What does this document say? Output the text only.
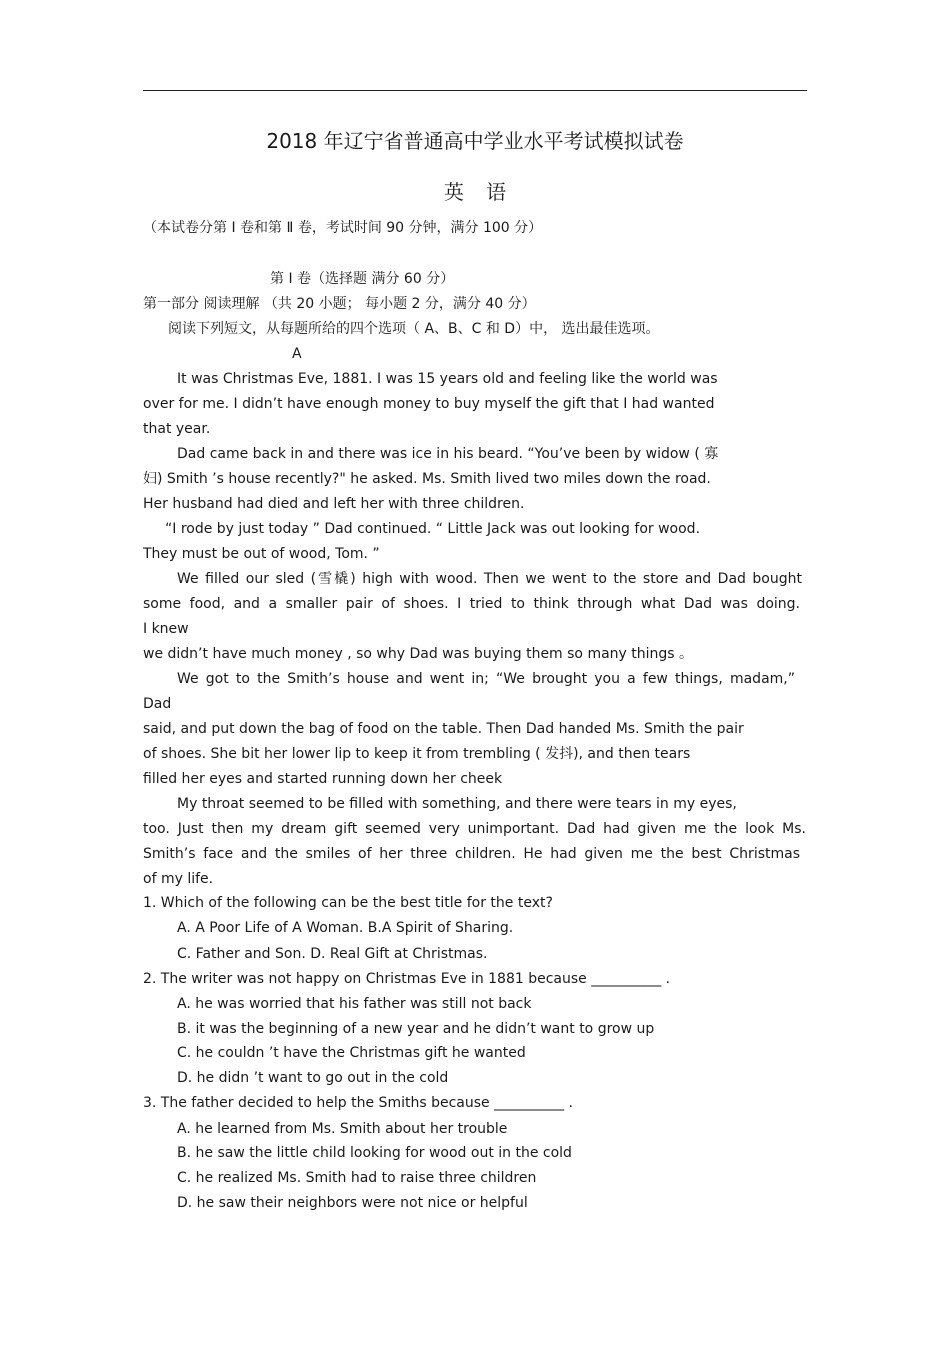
2018 年辽宁省普通高中学业水平考试模拟试卷
英 语
（本试卷分第 Ⅰ 卷和第 Ⅱ 卷，考试时间 90 分钟，满分 100 分）
第 Ⅰ 卷（选择题 满分 60 分）
第一部分 阅读理解 （共 20 小题； 每小题 2 分，满分 40 分）
阅读下列短文，从每题所给的四个选项（ A、B、C 和 D）中， 选出最佳选项。
A
It was Christmas Eve, 1881. I was 15 years old and feeling like the world was
over for me. I didn’t have enough money to buy myself the gift that I had wanted
that year.
Dad came back in and there was ice in his beard. “You’ve been by widow ( 寡
妇) Smith ’s house recently?" he asked. Ms. Smith lived two miles down the road.
Her husband had died and left her with three children.
“I rode by just today ” Dad continued. “ Little Jack was out looking for wood.
They must be out of wood, Tom. ”
We filled our sled (雪橇) high with wood. Then we went to the store and Dad bought
some food, and a smaller pair of shoes. I tried to think through what Dad was doing.
I knew
we didn’t have much money , so why Dad was buying them so many things 。
We got to the Smith’s house and went in; “We brought you a few things, madam,”
Dad
said, and put down the bag of food on the table. Then Dad handed Ms. Smith the pair
of shoes. She bit her lower lip to keep it from trembling ( 发抖), and then tears
filled her eyes and started running down her cheek
My throat seemed to be filled with something, and there were tears in my eyes,
too. Just then my dream gift seemed very unimportant. Dad had given me the look Ms.
Smith’s face and the smiles of her three children. He had given me the best Christmas
of my life.
1. Which of the following can be the best title for the text?
A. A Poor Life of A Woman. B.A Spirit of Sharing.
C. Father and Son. D. Real Gift at Christmas.
2. The writer was not happy on Christmas Eve in 1881 because __________ .
A. he was worried that his father was still not back
B. it was the beginning of a new year and he didn’t want to grow up
C. he couldn ’t have the Christmas gift he wanted
D. he didn ’t want to go out in the cold
3. The father decided to help the Smiths because __________ .
A. he learned from Ms. Smith about her trouble
B. he saw the little child looking for wood out in the cold
C. he realized Ms. Smith had to raise three children
D. he saw their neighbors were not nice or helpful
